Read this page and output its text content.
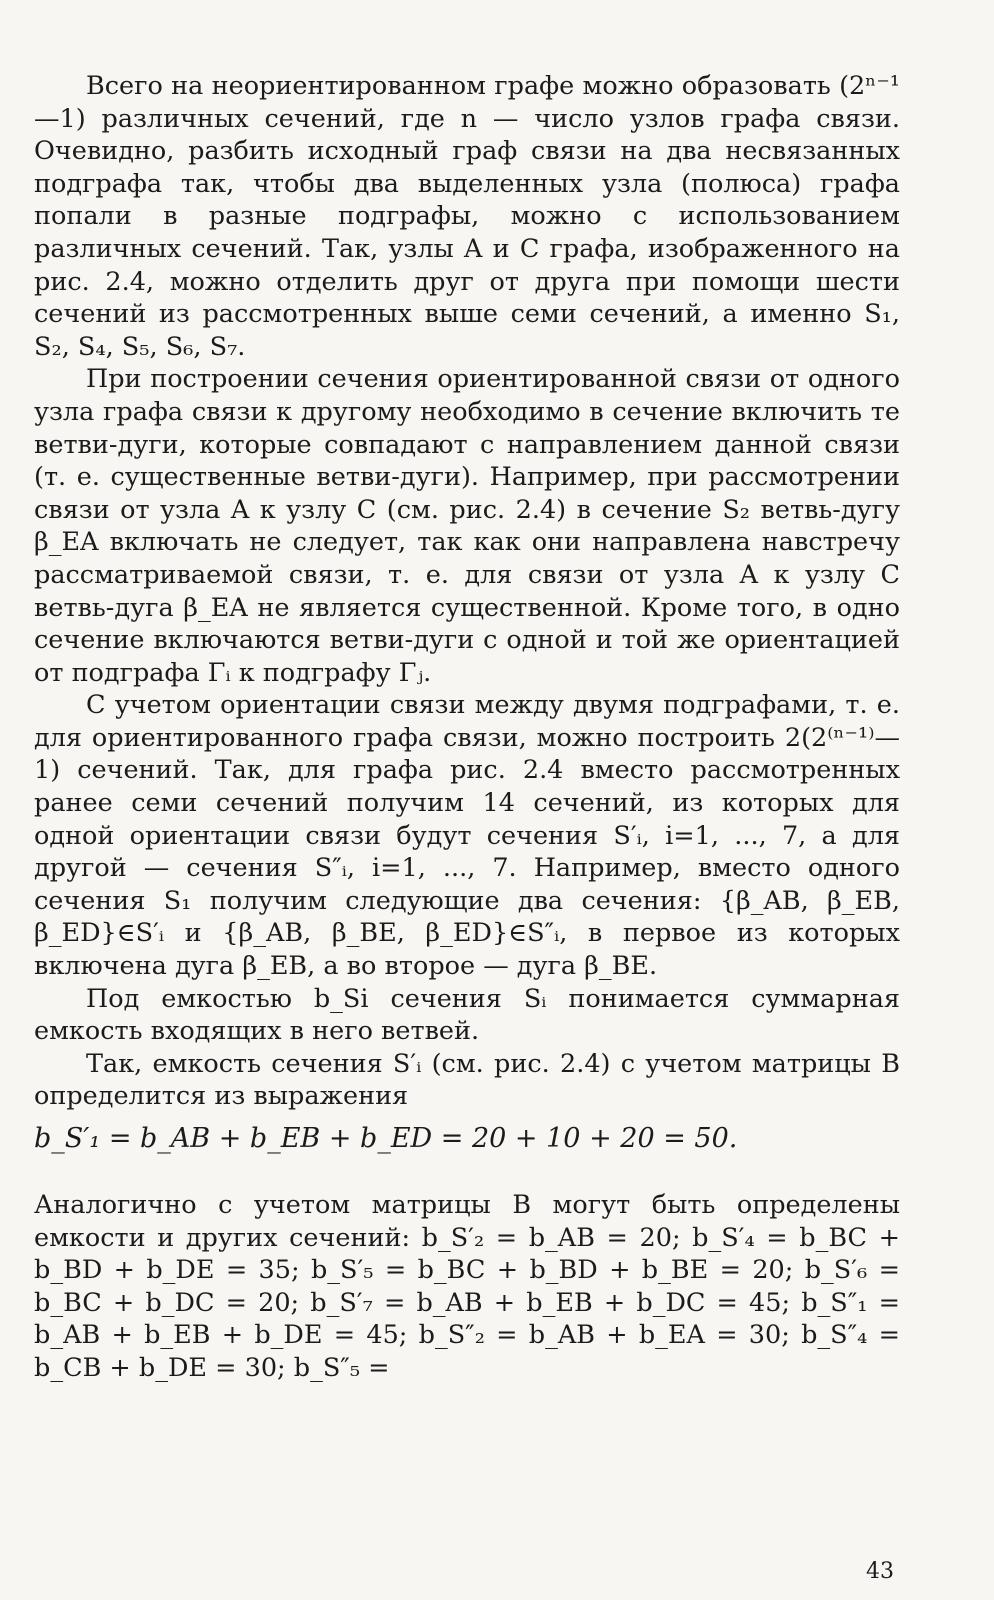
Всего на неориентированном графе можно образовать (2ⁿ⁻¹—1) различных сечений, где n — число узлов графа связи. Очевидно, разбить исходный граф связи на два несвязанных подграфа так, чтобы два выделенных узла (полюса) графа попали в разные подграфы, можно с использованием различных сечений. Так, узлы A и C графа, изображенного на рис. 2.4, можно отделить друг от друга при помощи шести сечений из рассмотренных выше семи сечений, а именно S₁, S₂, S₄, S₅, S₆, S₇.

При построении сечения ориентированной связи от одного узла графа связи к другому необходимо в сечение включить те ветви-дуги, которые совпадают с направлением данной связи (т. е. существенные ветви-дуги). Например, при рассмотрении связи от узла A к узлу C (см. рис. 2.4) в сечение S₂ ветвь-дугу β_EA включать не следует, так как они направлена навстречу рассматриваемой связи, т. е. для связи от узла A к узлу C ветвь-дуга β_EA не является существенной. Кроме того, в одно сечение включаются ветви-дуги с одной и той же ориентацией от подграфа Γᵢ к подграфу Γⱼ.

С учетом ориентации связи между двумя подграфами, т. е. для ориентированного графа связи, можно построить 2(2⁽ⁿ⁻¹⁾—1) сечений. Так, для графа рис. 2.4 вместо рассмотренных ранее семи сечений получим 14 сечений, из которых для одной ориентации связи будут сечения S′ᵢ, i=1, ..., 7, а для другой — сечения S″ᵢ, i=1, ..., 7. Например, вместо одного сечения S₁ получим следующие два сечения: {β_AB, β_EB, β_ED}∈S′ᵢ и {β_AB, β_BE, β_ED}∈S″ᵢ, в первое из которых включена дуга β_EB, а во второе — дуга β_BE.

Под емкостью b_Si сечения Sᵢ понимается суммарная емкость входящих в него ветвей.

Так, емкость сечения S′ᵢ (см. рис. 2.4) с учетом матрицы B определится из выражения

b_S′₁ = b_AB + b_EB + b_ED = 20 + 10 + 20 = 50.

Аналогично с учетом матрицы B могут быть определены емкости и других сечений: b_S′₂ = b_AB = 20; b_S′₄ = b_BC + b_BD + b_DE = 35; b_S′₅ = b_BC + b_BD + b_BE = 20; b_S′₆ = b_BC + b_DC = 20; b_S′₇ = b_AB + b_EB + b_DC = 45; b_S″₁ = b_AB + b_EB + b_DE = 45; b_S″₂ = b_AB + b_EA = 30; b_S″₄ = b_CB + b_DE = 30; b_S″₅ =

43
